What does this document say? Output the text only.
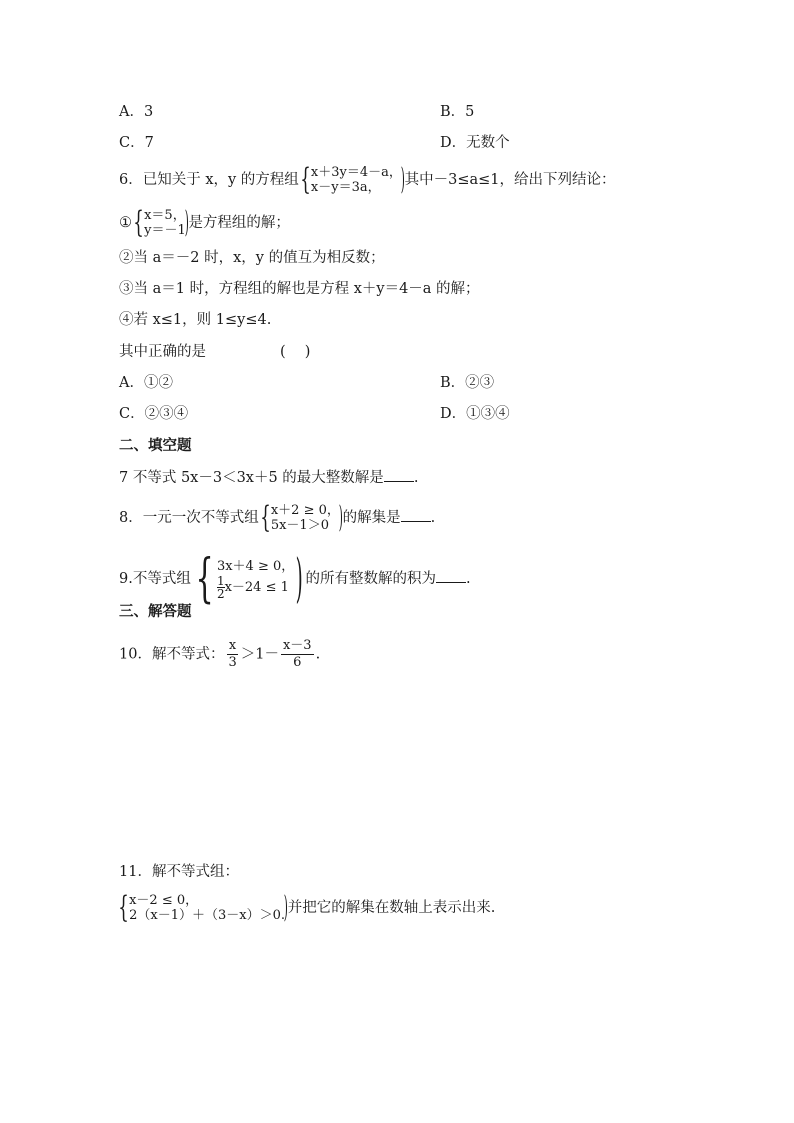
A．3	B．5
C．7	D．无数个
6．已知关于 x，y 的方程组 { x＋3y＝4－a，
x－y＝3a， ) 其中－3≤a≤1，给出下列结论：
① { x＝5，
y＝－1
) 是方程组的解；
②当 a＝－2 时，x，y 的值互为相反数；
③当 a＝1 时，方程组的解也是方程 x＋y＝4－a 的解；
④若 x≤1，则 1≤y≤4.
其中正确的是	(　 )
A．①②	B．②③
C．②③④	D．①③④
二、填空题
7 不等式 5x－3＜3x＋5 的最大整数解是 .
8．一元一次不等式组 { x＋2 ≥ 0，
5x－1＞0 ) 的解集是 .
9.不等式组 { 3x＋4 ≥ 0，
$\frac{1}{2} x-24 \le 1$ ) 的所有整数解的积为 .
三、解答题
10．解不等式： $\frac{x}{3} >1- \frac{x-3}{6}$ .
11．解不等式组：
{ x－2 ≤ 0，
2（x－1）＋（3－x）＞0.
) 并把它的解集在数轴上表示出来.
